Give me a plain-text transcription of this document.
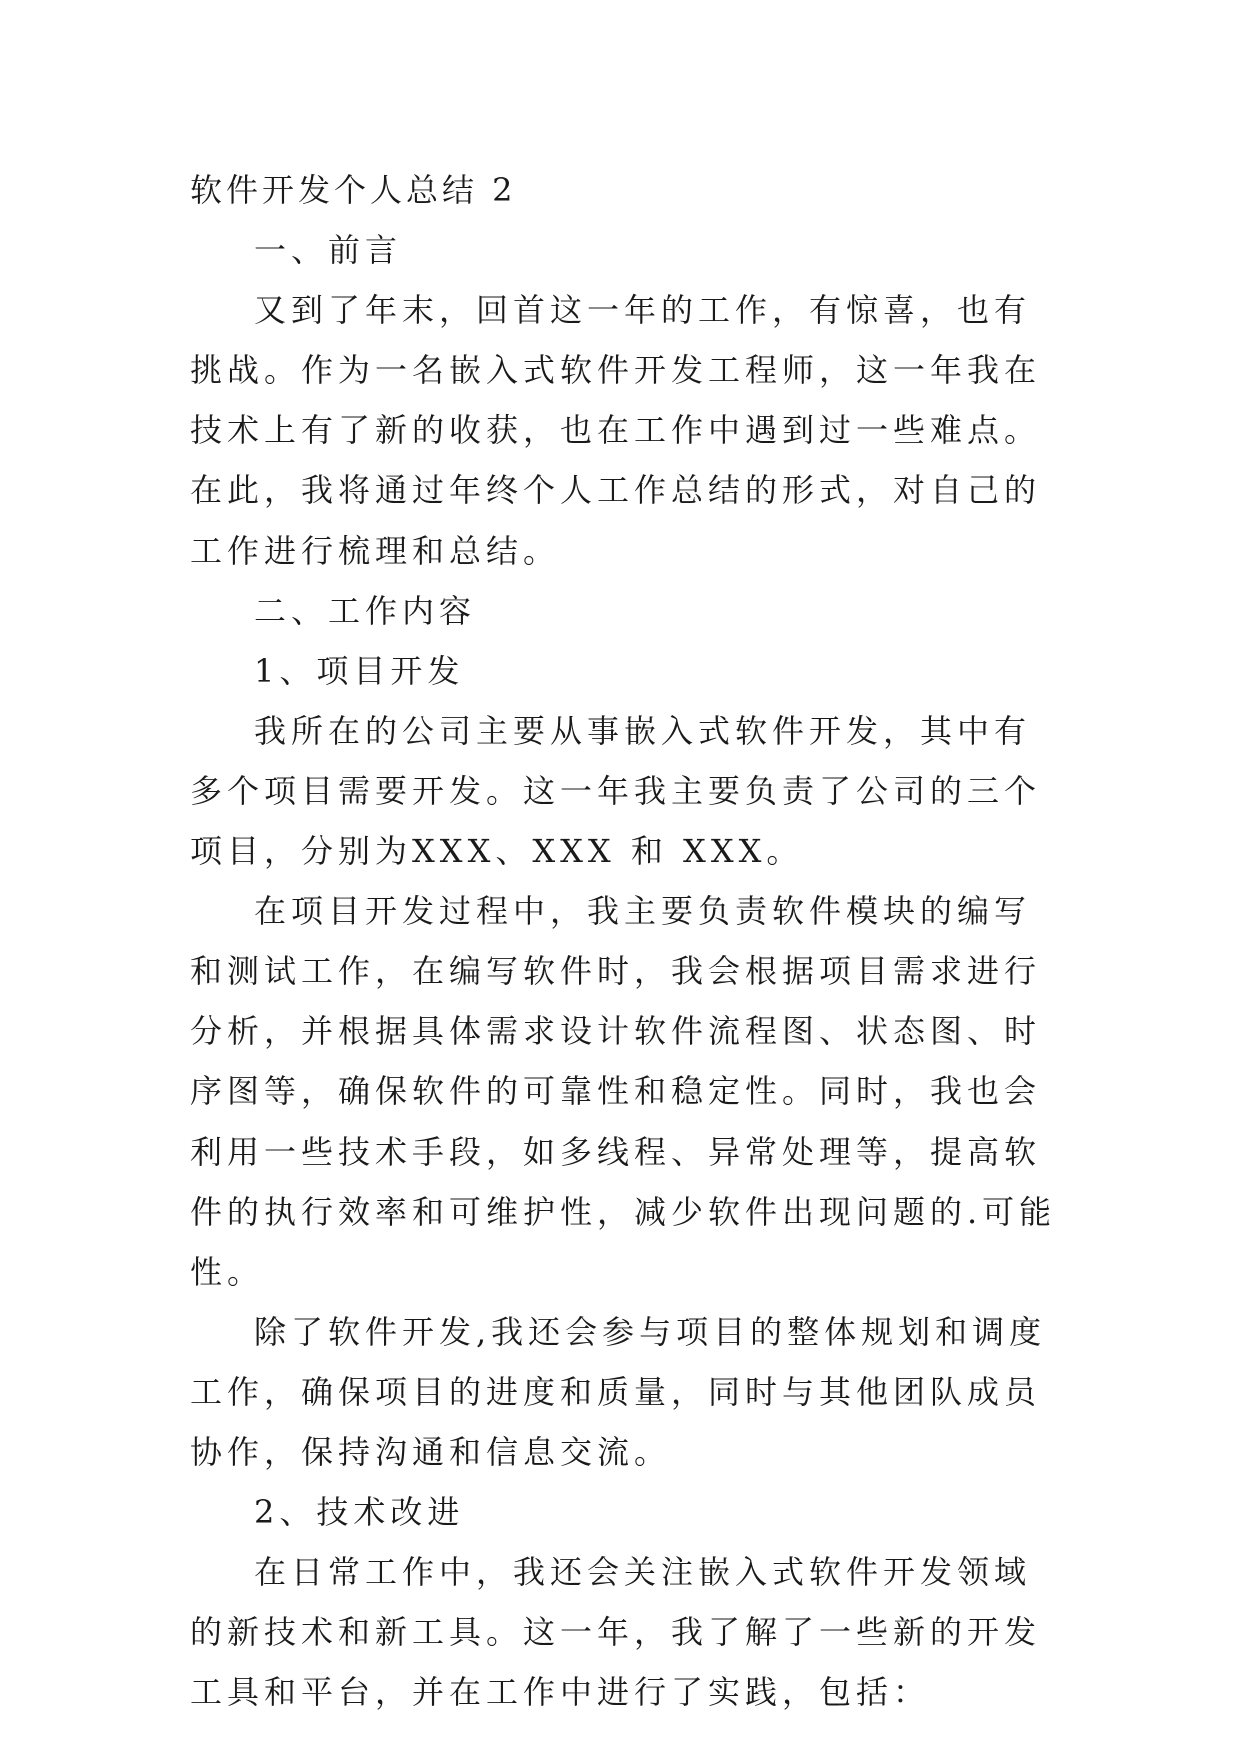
软件开发个人总结 2

一、前言

又到了年末，回首这一年的工作，有惊喜，也有挑战。作为一名嵌入式软件开发工程师，这一年我在技术上有了新的收获，也在工作中遇到过一些难点。在此，我将通过年终个人工作总结的形式，对自己的工作进行梳理和总结。

二、工作内容

1、项目开发

我所在的公司主要从事嵌入式软件开发，其中有多个项目需要开发。这一年我主要负责了公司的三个项目，分别为XXX、XXX 和 XXX。

在项目开发过程中，我主要负责软件模块的编写和测试工作，在编写软件时，我会根据项目需求进行分析，并根据具体需求设计软件流程图、状态图、时序图等，确保软件的可靠性和稳定性。同时，我也会利用一些技术手段，如多线程、异常处理等，提高软件的执行效率和可维护性，减少软件出现问题的.可能性。

除了软件开发,我还会参与项目的整体规划和调度工作，确保项目的进度和质量，同时与其他团队成员协作，保持沟通和信息交流。

2、技术改进

在日常工作中，我还会关注嵌入式软件开发领域的新技术和新工具。这一年，我了解了一些新的开发工具和平台，并在工作中进行了实践，包括：
